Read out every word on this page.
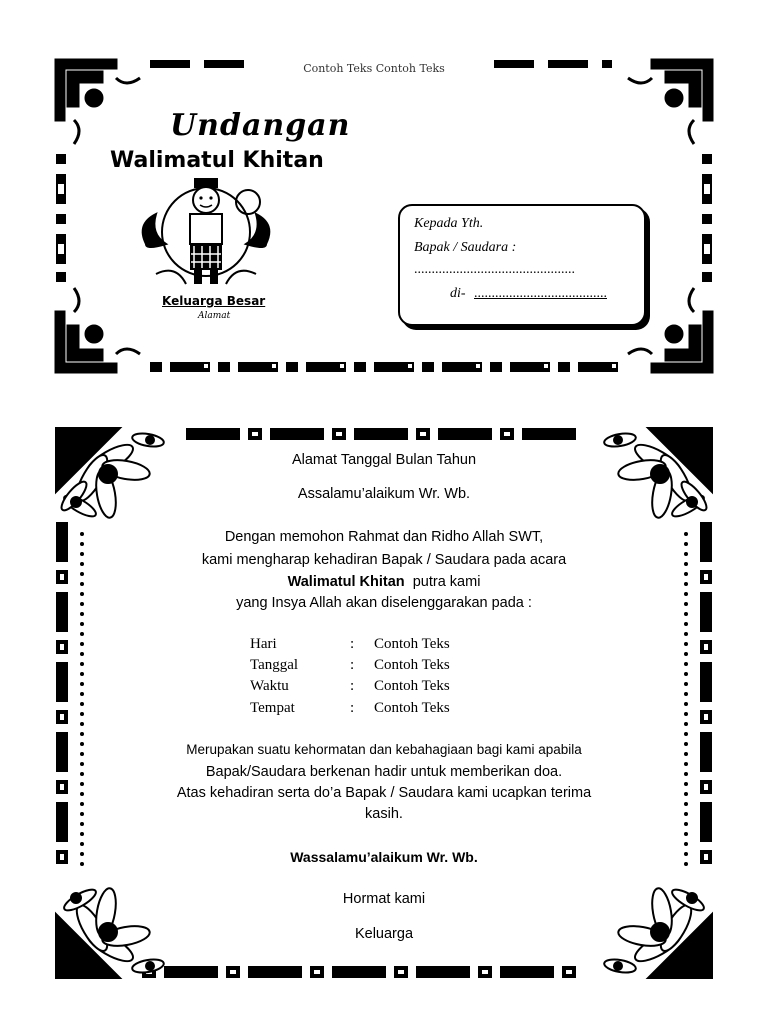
Contoh Teks Contoh Teks
Undangan
Walimatul Khitan
Keluarga Besar
Alamat
Kepada Yth.
Bapak / Saudara :
..............................................
di- ......................................
Alamat Tanggal Bulan Tahun
Assalamu’alaikum Wr. Wb.
Dengan memohon Rahmat dan Ridho Allah SWT,
kami mengharap kehadiran Bapak / Saudara pada acara
Walimatul Khitan putra kami
yang Insya Allah akan diselenggarakan pada :
Hari	: Contoh Teks
Tanggal	: Contoh Teks
Waktu	: Contoh Teks
Tempat	: Contoh Teks
Merupakan suatu kehormatan dan kebahagiaan bagi kami apabila
Bapak/Saudara berkenan hadir untuk memberikan doa.
Atas kehadiran serta do’a Bapak / Saudara kami ucapkan terima
kasih.
Wassalamu’alaikum Wr. Wb.
Hormat kami
Keluarga
